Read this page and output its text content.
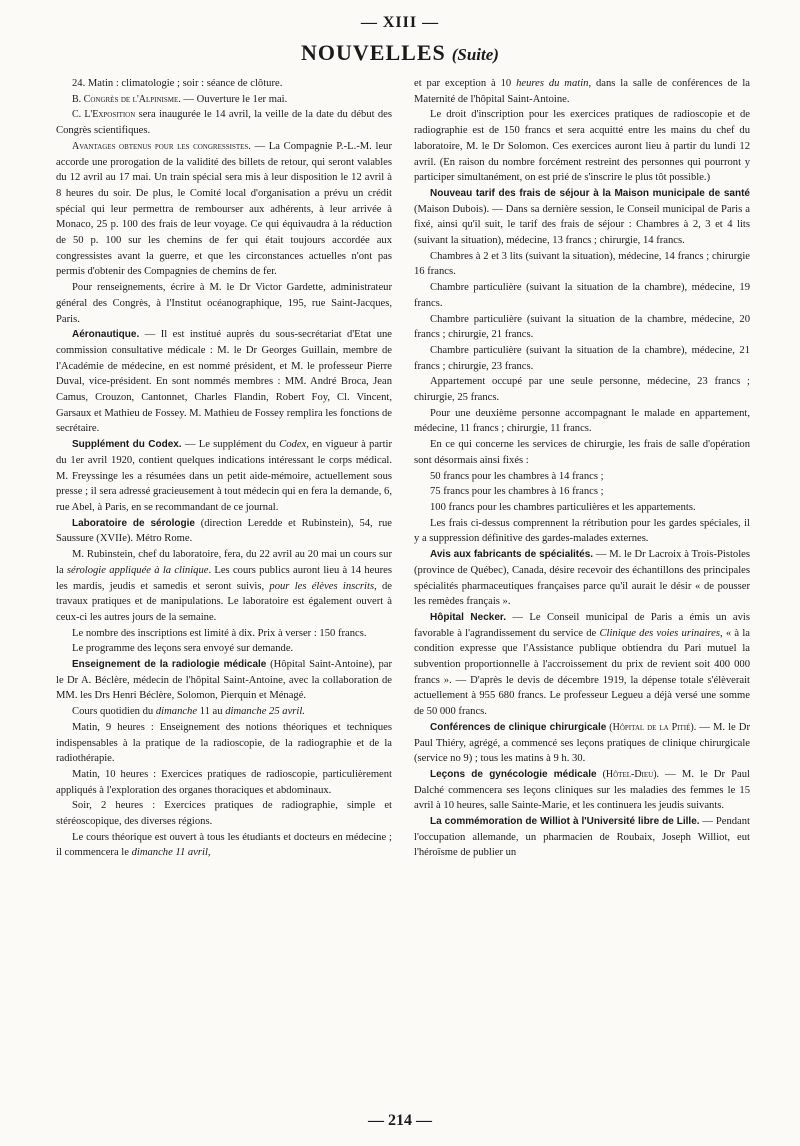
— XIII —
NOUVELLES (Suite)

24. Matin : climatologie ; soir : séance de clôture.

B. Congrès de l'Alpinisme. — Ouverture le 1er mai.

C. L'Exposition sera inaugurée le 14 avril, la veille de la date du début des Congrès scientifiques.

Avantages obtenus pour les congressistes. — La Compagnie P.-L.-M. leur accorde une prorogation de la validité des billets de retour, qui seront valables du 12 avril au 17 mai. Un train spécial sera mis à leur disposition le 12 avril à 8 heures du soir. De plus, le Comité local d'organisation a prévu un crédit spécial qui leur permettra de rembourser aux adhérents, à leur arrivée à Monaco, 25 p. 100 des frais de leur voyage. Ce qui équivaudra à la réduction de 50 p. 100 sur les chemins de fer qui était toujours accordée aux congressistes avant la guerre, et que les circonstances actuelles n'ont pas permis d'obtenir des Compagnies de chemins de fer.

Pour renseignements, écrire à M. le Dr Victor Gardette, administrateur général des Congrès, à l'Institut océanographique, 195, rue Saint-Jacques, Paris.

Aéronautique. — Il est institué auprès du sous-secrétariat d'Etat une commission consultative médicale : M. le Dr Georges Guillain, membre de l'Académie de médecine, en est nommé président, et M. le professeur Pierre Duval, vice-président. En sont nommés membres : MM. André Broca, Jean Camus, Crouzon, Cantonnet, Charles Flandin, Robert Foy, Cl. Vincent, Garsaux et Mathieu de Fossey. M. Mathieu de Fossey remplira les fonctions de secrétaire.

Supplément du Codex. — Le supplément du Codex, en vigueur à partir du 1er avril 1920, contient quelques indications intéressant le corps médical. M. Freyssinge les a résumées dans un petit aide-mémoire, actuellement sous presse ; il sera adressé gracieusement à tout médecin qui en fera la demande, 6, rue Abel, à Paris, en se recommandant de ce journal.

Laboratoire de sérologie (direction Leredde et Rubinstein), 54, rue Saussure (XVIIe). Métro Rome.

M. Rubinstein, chef du laboratoire, fera, du 22 avril au 20 mai un cours sur la sérologie appliquée à la clinique. Les cours publics auront lieu à 14 heures les mardis, jeudis et samedis et seront suivis, pour les élèves inscrits, de travaux pratiques et de manipulations. Le laboratoire est également ouvert à ceux-ci les autres jours de la semaine.

Le nombre des inscriptions est limité à dix. Prix à verser : 150 francs.

Le programme des leçons sera envoyé sur demande.

Enseignement de la radiologie médicale (Hôpital Saint-Antoine), par le Dr A. Béclère, médecin de l'hôpital Saint-Antoine, avec la collaboration de MM. les Drs Henri Béclère, Solomon, Pierquin et Ménagé.

Cours quotidien du dimanche 11 au dimanche 25 avril.

Matin, 9 heures : Enseignement des notions théoriques et techniques indispensables à la pratique de la radioscopie, de la radiographie et de la radiothérapie.

Matin, 10 heures : Exercices pratiques de radioscopie, particulièrement appliqués à l'exploration des organes thoraciques et abdominaux.

Soir, 2 heures : Exercices pratiques de radiographie, simple et stéréoscopique, des diverses régions.

Le cours théorique est ouvert à tous les étudiants et docteurs en médecine ; il commencera le dimanche 11 avril,

et par exception à 10 heures du matin, dans la salle de conférences de la Maternité de l'hôpital Saint-Antoine.

Le droit d'inscription pour les exercices pratiques de radioscopie et de radiographie est de 150 francs et sera acquitté entre les mains du chef du laboratoire, M. le Dr Solomon. Ces exercices auront lieu à partir du lundi 12 avril. (En raison du nombre forcément restreint des personnes qui pourront y participer simultanément, on est prié de s'inscrire le plus tôt possible.)

Nouveau tarif des frais de séjour à la Maison municipale de santé (Maison Dubois). — Dans sa dernière session, le Conseil municipal de Paris a fixé, ainsi qu'il suit, le tarif des frais de séjour : Chambres à 2, 3 et 4 lits (suivant la situation), médecine, 13 francs ; chirurgie, 14 francs.

Chambres à 2 et 3 lits (suivant la situation), médecine, 14 francs ; chirurgie 16 francs.

Chambre particulière (suivant la situation de la chambre), médecine, 19 francs.

Chambre particulière (suivant la situation de la chambre, médecine, 20 francs ; chirurgie, 21 francs.

Chambre particulière (suivant la situation de la chambre), médecine, 21 francs ; chirurgie, 23 francs.

Appartement occupé par une seule personne, médecine, 23 francs ; chirurgie, 25 francs.

Pour une deuxième personne accompagnant le malade en appartement, médecine, 11 francs ; chirurgie, 11 francs.

En ce qui concerne les services de chirurgie, les frais de salle d'opération sont désormais ainsi fixés :

50 francs pour les chambres à 14 francs ;

75 francs pour les chambres à 16 francs ;

100 francs pour les chambres particulières et les appartements.

Les frais ci-dessus comprennent la rétribution pour les gardes spéciales, il y a suppression définitive des gardes-malades externes.

Avis aux fabricants de spécialités. — M. le Dr Lacroix à Trois-Pistoles (province de Québec), Canada, désire recevoir des échantillons des principales spécialités pharmaceutiques françaises parce qu'il aurait le désir « de pousser les remèdes français ».

Hôpital Necker. — Le Conseil municipal de Paris a émis un avis favorable à l'agrandissement du service de Clinique des voies urinaires, « à la condition expresse que l'Assistance publique obtiendra du Pari mutuel la subvention proportionnelle à l'accroissement du prix de revient soit 400 000 francs ». — D'après le devis de décembre 1919, la dépense totale s'élèverait actuellement à 955 680 francs. Le professeur Legueu a déjà versé une somme de 50 000 francs.

Conférences de clinique chirurgicale (Hôpital de la Pitié). — M. le Dr Paul Thiéry, agrégé, a commencé ses leçons pratiques de clinique chirurgicale (service no 9) ; tous les matins à 9 h. 30.

Leçons de gynécologie médicale (Hôtel-Dieu). — M. le Dr Paul Dalché commencera ses leçons cliniques sur les maladies des femmes le 15 avril à 10 heures, salle Sainte-Marie, et les continuera les jeudis suivants.

La commémoration de Williot à l'Université libre de Lille. — Pendant l'occupation allemande, un pharmacien de Roubaix, Joseph Williot, eut l'héroïsme de publier un

— 214 —
